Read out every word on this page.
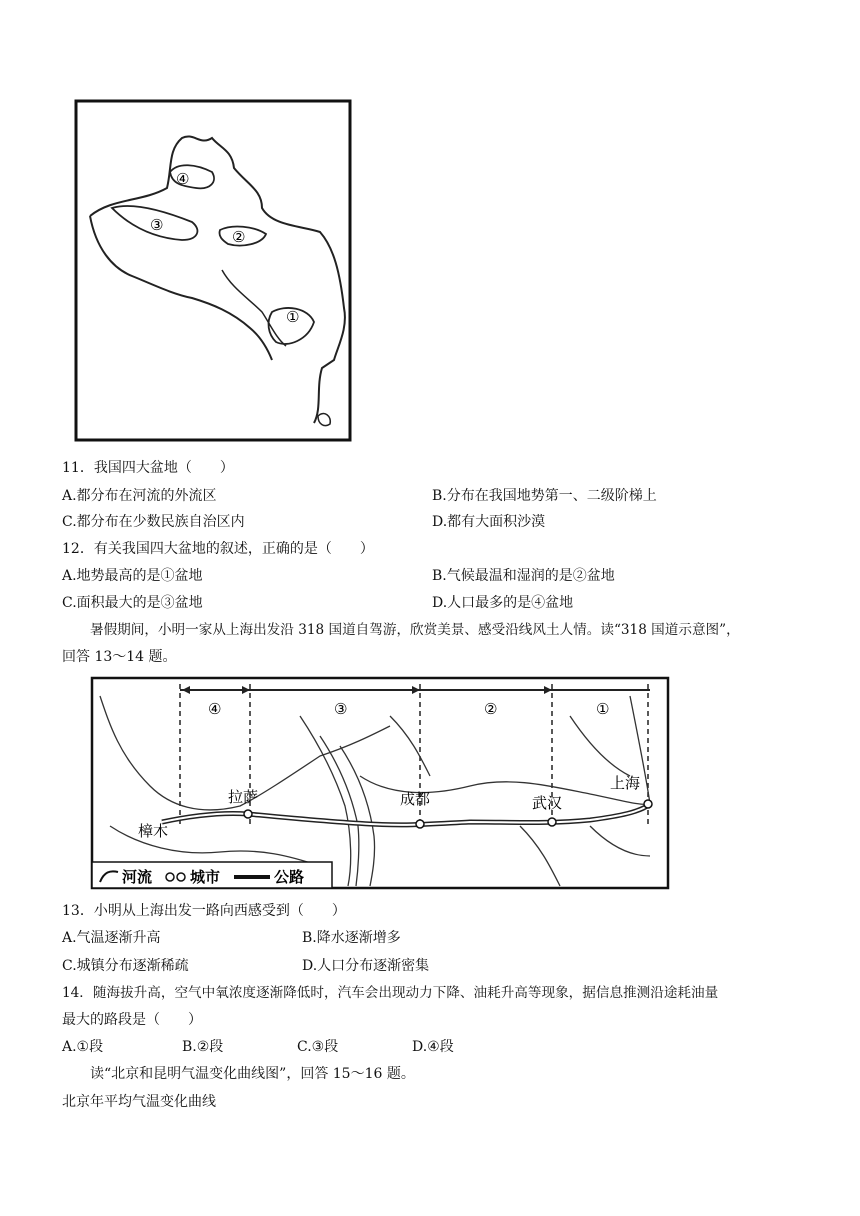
④
③
②
①
11．我国四大盆地（　　）
A.都分布在河流的外流区	B.分布在我国地势第一、二级阶梯上
C.都分布在少数民族自治区内	D.都有大面积沙漠
12．有关我国四大盆地的叙述，正确的是（　　）
A.地势最高的是①盆地	B.气候最温和湿润的是②盆地
C.面积最大的是③盆地	D.人口最多的是④盆地
暑假期间，小明一家从上海出发沿 318 国道自驾游，欣赏美景、感受沿线风土人情。读“318 国道示意图”，
回答 13～14 题。
④	③	②	①
拉萨	成都	武汉
上海
樟木
河流	城市	公路
13．小明从上海出发一路向西感受到（　　）
A.气温逐渐升高	B.降水逐渐增多
C.城镇分布逐渐稀疏	D.人口分布逐渐密集
14．随海拔升高，空气中氧浓度逐渐降低时，汽车会出现动力下降、油耗升高等现象，据信息推测沿途耗油量
最大的路段是（　　）
A.①段	B.②段	C.③段	D.④段
读“北京和昆明气温变化曲线图”，回答 15～16 题。
北京年平均气温变化曲线
